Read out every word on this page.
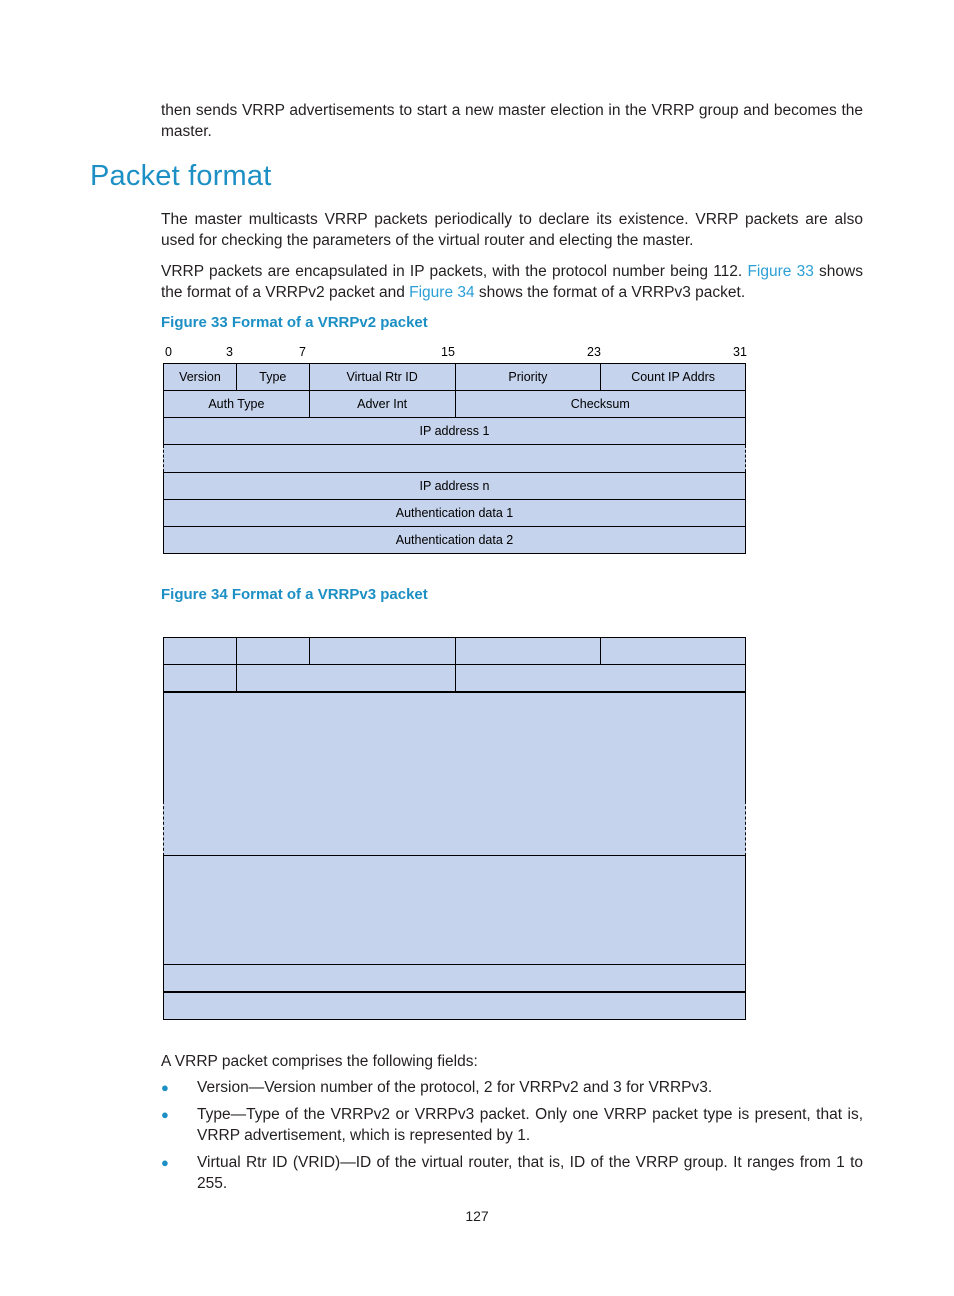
then sends VRRP advertisements to start a new master election in the VRRP group and becomes the master.

Packet format

The master multicasts VRRP packets periodically to declare its existence. VRRP packets are also used for checking the parameters of the virtual router and electing the master.

VRRP packets are encapsulated in IP packets, with the protocol number being 112. Figure 33 shows the format of a VRRPv2 packet and Figure 34 shows the format of a VRRPv3 packet.

Figure 33 Format of a VRRPv2 packet

0	3	7	15	23	31
Version	Type	Virtual Rtr ID	Priority	Count IP Addrs
Auth Type	Adver Int	Checksum
IP address 1
IP address n
Authentication data 1
Authentication data 2

Figure 34 Format of a VRRPv3 packet

A VRRP packet comprises the following fields:

● Version—Version number of the protocol, 2 for VRRPv2 and 3 for VRRPv3.
● Type—Type of the VRRPv2 or VRRPv3 packet. Only one VRRP packet type is present, that is, VRRP advertisement, which is represented by 1.
● Virtual Rtr ID (VRID)—ID of the virtual router, that is, ID of the VRRP group. It ranges from 1 to 255.
127
